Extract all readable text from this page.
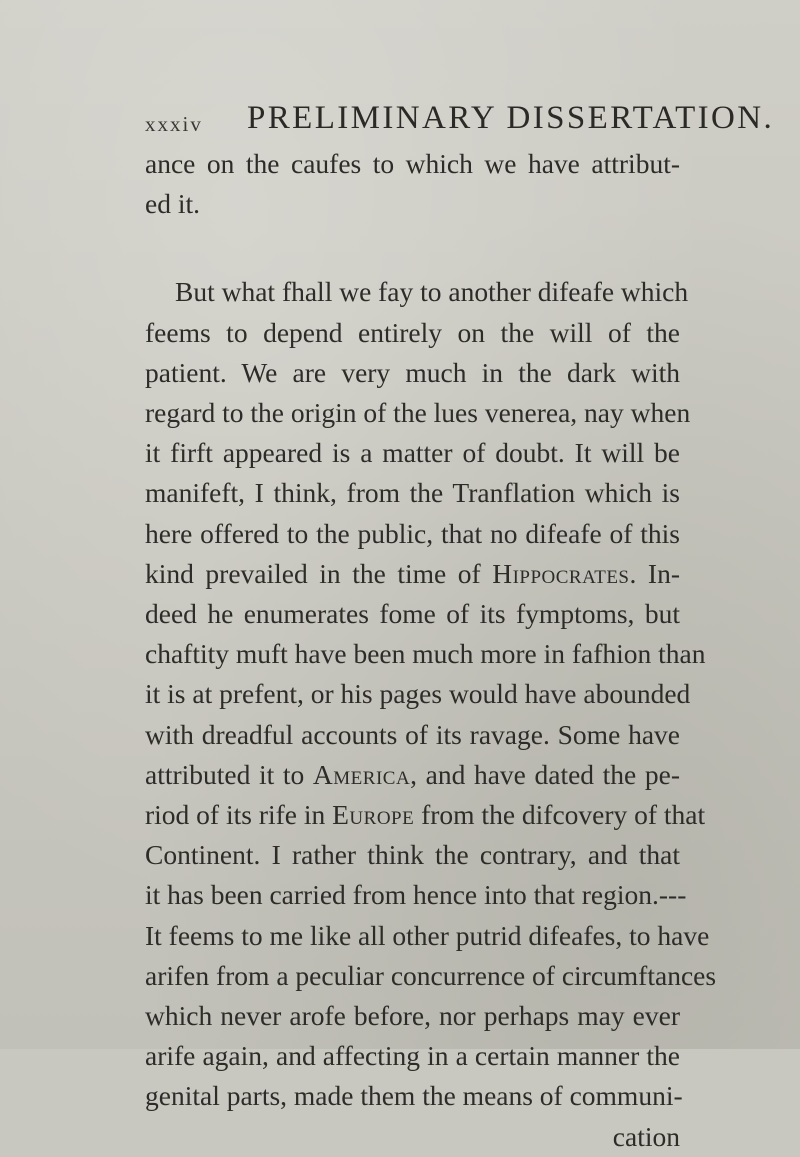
xxxiv PRELIMINARY DISSERTATION.
ance on the caufes to which we have attribut-
ed it.
But what fhall we fay to another difeafe which
feems to depend entirely on the will of the
patient. We are very much in the dark with
regard to the origin of the lues venerea, nay when
it firft appeared is a matter of doubt. It will be
manifeft, I think, from the Tranflation which is
here offered to the public, that no difeafe of this
kind prevailed in the time of Hippocrates. In-
deed he enumerates fome of its fymptoms, but
chaftity muft have been much more in fafhion than
it is at prefent, or his pages would have abounded
with dreadful accounts of its ravage. Some have
attributed it to America, and have dated the pe-
riod of its rife in Europe from the difcovery of that
Continent. I rather think the contrary, and that
it has been carried from hence into that region.---
It feems to me like all other putrid difeafes, to have
arifen from a peculiar concurrence of circumftances
which never arofe before, nor perhaps may ever
arife again, and affecting in a certain manner the
genital parts, made them the means of communi-
cation
